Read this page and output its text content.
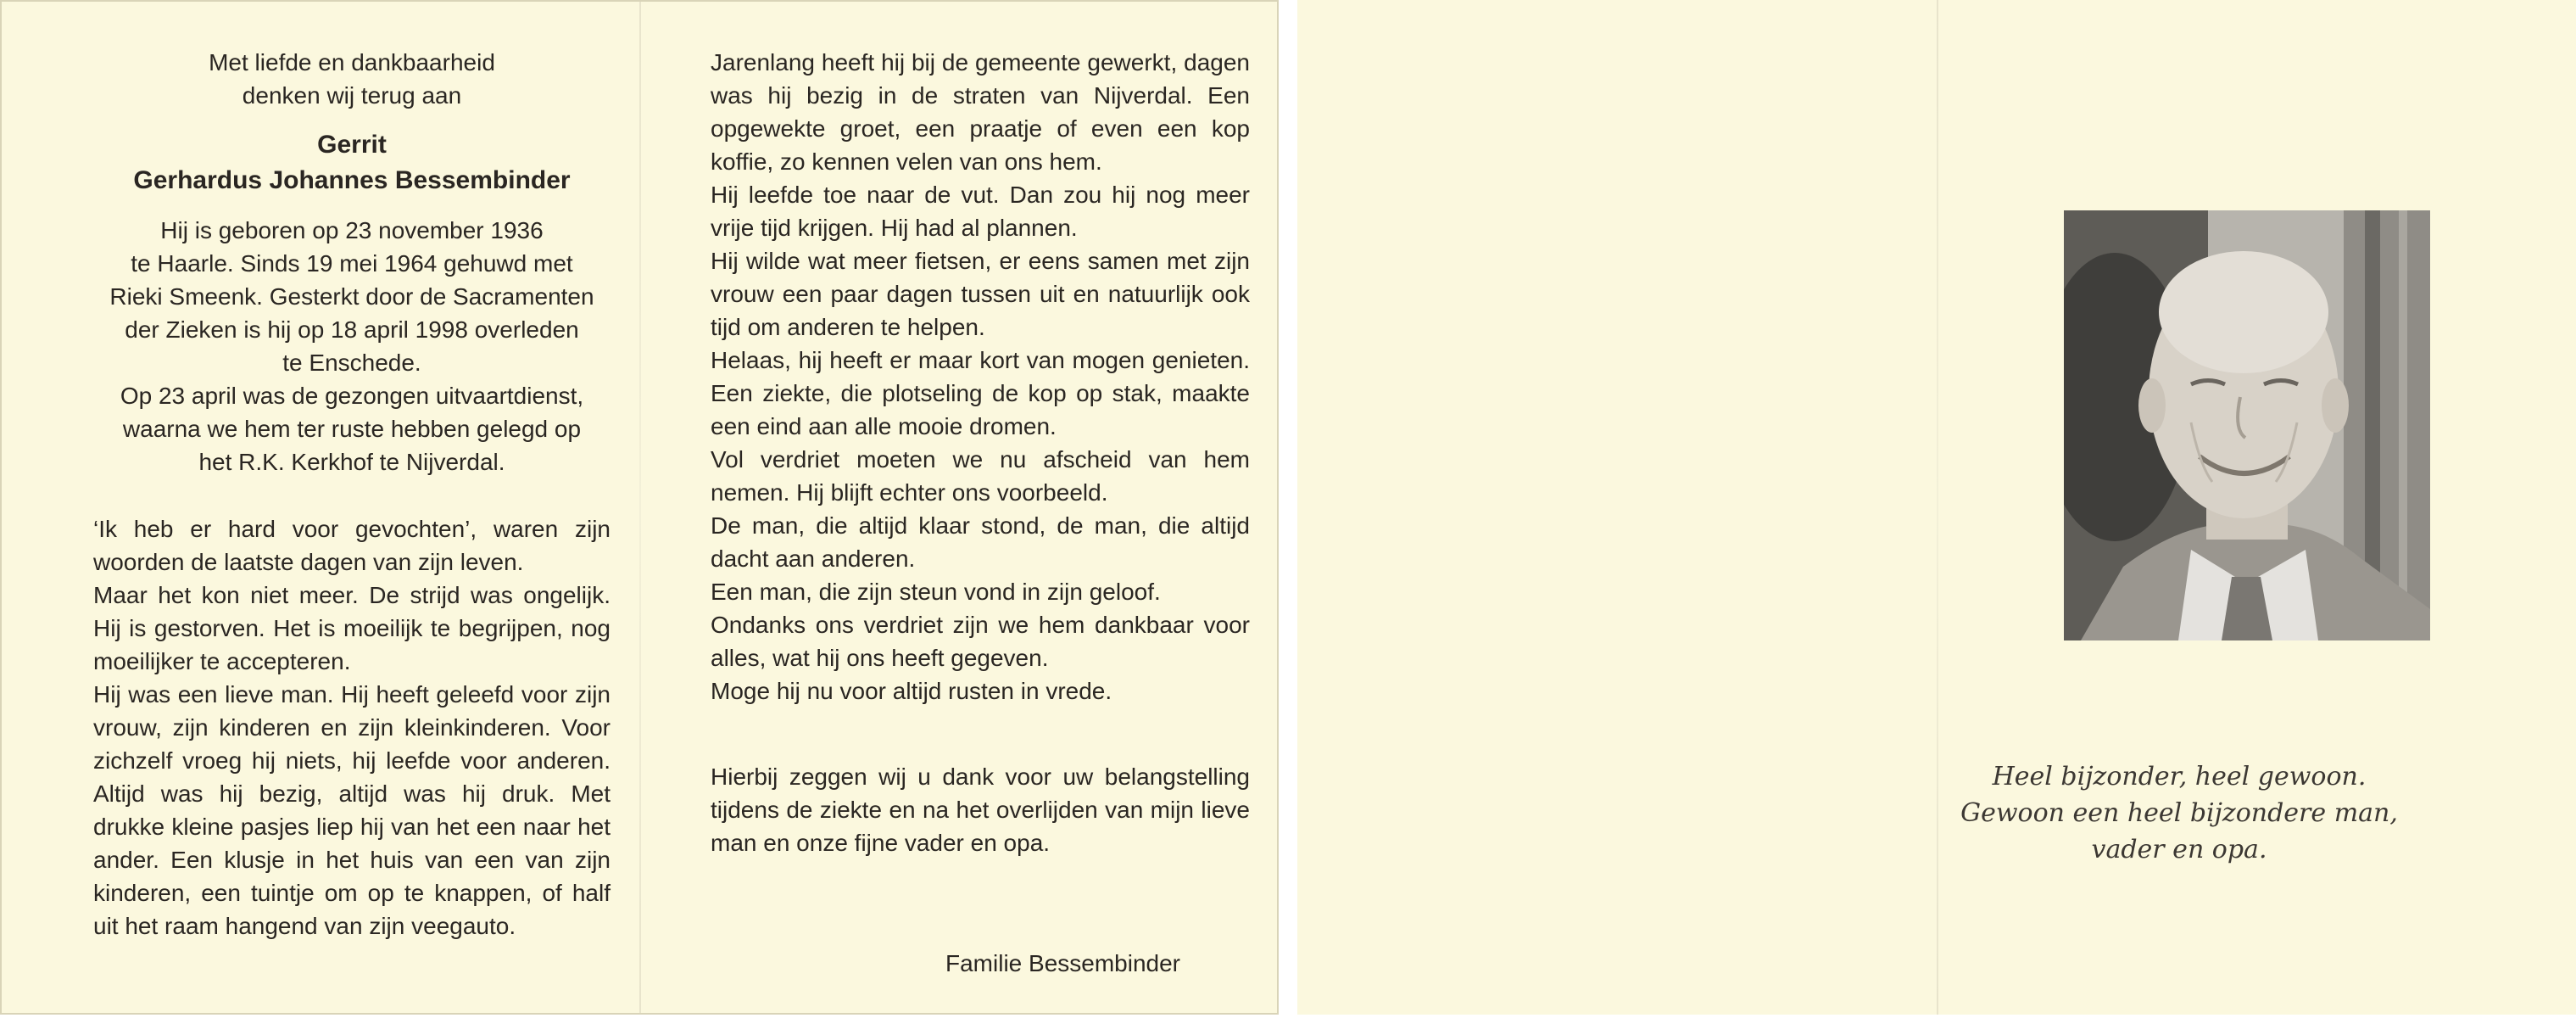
Met liefde en dankbaarheid

denken wij terug aan

Gerrit
Gerhardus Johannes Bessembinder

Hij is geboren op 23 november 1936

te Haarle. Sinds 19 mei 1964 gehuwd met

Rieki Smeenk. Gesterkt door de Sacramenten

der Zieken is hij op 18 april 1998 overleden

te Enschede.

Op 23 april was de gezongen uitvaartdienst,

waarna we hem ter ruste hebben gelegd op

het R.K. Kerkhof te Nijverdal.

‘Ik heb er hard voor gevochten’, waren zijn woorden de laatste dagen van zijn leven.

Maar het kon niet meer. De strijd was ongelijk. Hij is gestorven. Het is moeilijk te begrijpen, nog moeilijker te accepteren.

Hij was een lieve man. Hij heeft geleefd voor zijn vrouw, zijn kinderen en zijn kleinkinderen. Voor zichzelf vroeg hij niets, hij leefde voor anderen. Altijd was hij bezig, altijd was hij druk. Met drukke kleine pasjes liep hij van het een naar het ander. Een klusje in het huis van een van zijn kinderen, een tuintje om op te knappen, of half uit het raam hangend van zijn veegauto.

Jarenlang heeft hij bij de gemeente gewerkt, dagen was hij bezig in de straten van Nijverdal. Een opgewekte groet, een praatje of even een kop koffie, zo kennen velen van ons hem.

Hij leefde toe naar de vut. Dan zou hij nog meer vrije tijd krijgen. Hij had al plannen.

Hij wilde wat meer fietsen, er eens samen met zijn vrouw een paar dagen tussen uit en natuurlijk ook tijd om anderen te helpen.

Helaas, hij heeft er maar kort van mogen genieten. Een ziekte, die plotseling de kop op stak, maakte een eind aan alle mooie dromen.

Vol verdriet moeten we nu afscheid van hem nemen. Hij blijft echter ons voorbeeld.

De man, die altijd klaar stond, de man, die altijd dacht aan anderen.

Een man, die zijn steun vond in zijn geloof.

Ondanks ons verdriet zijn we hem dankbaar voor alles, wat hij ons heeft gegeven.

Moge hij nu voor altijd rusten in vrede.

Hierbij zeggen wij u dank voor uw belangstelling tijdens de ziekte en na het overlijden van mijn lieve man en onze fijne vader en opa.
Familie Bessembinder
Heel bijzonder, heel gewoon.
Gewoon een heel bijzondere man,
vader en opa.
